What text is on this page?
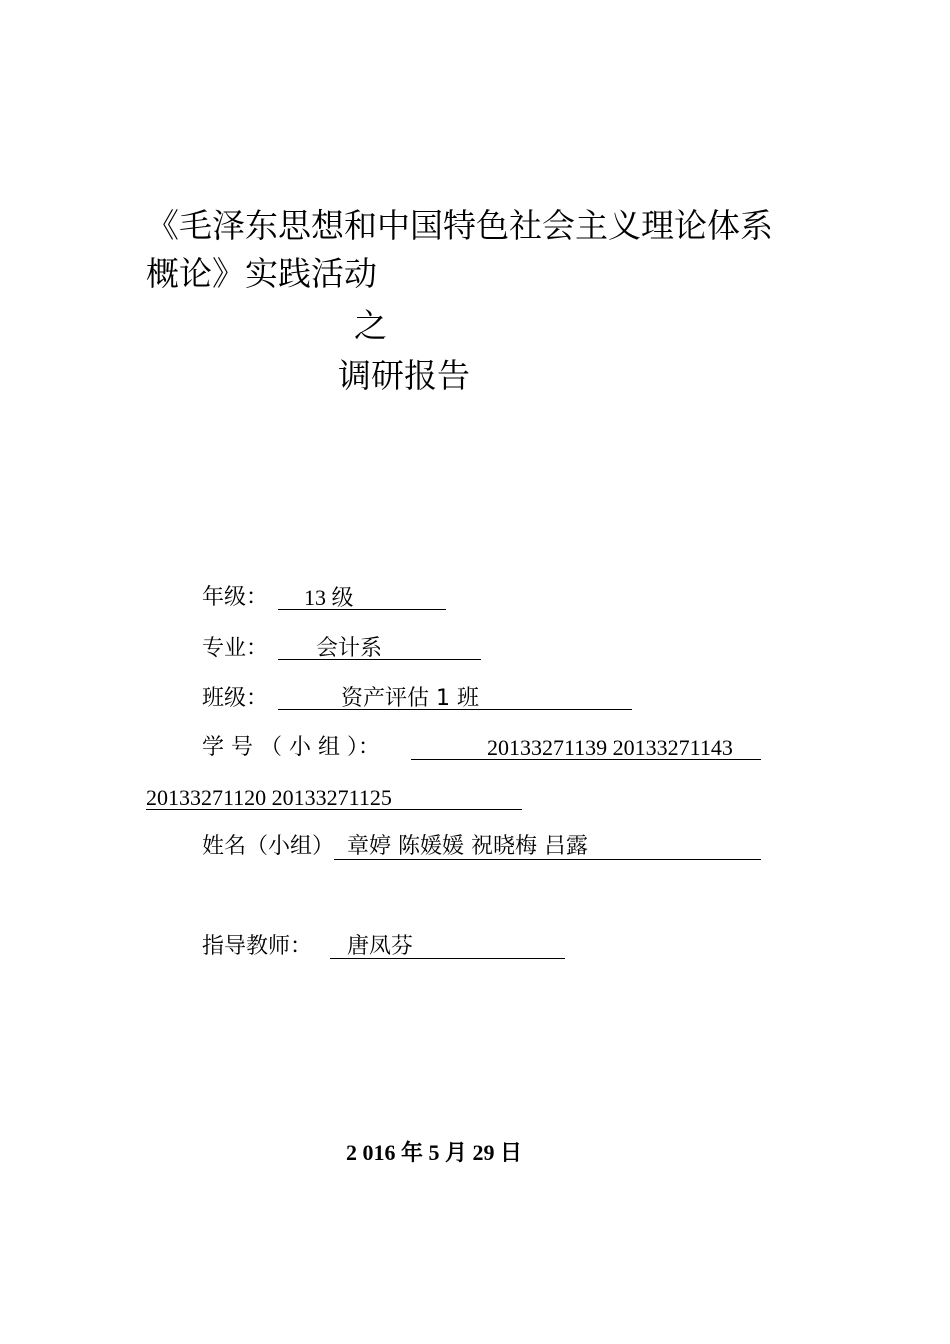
《毛泽东思想和中国特色社会主义理论体系
概论》实践活动
之
调研报告
年级： 13 级
专业： 会计系
班级：	资产评估 1 班
学 号 （ 小 组 ）：	20133271139 20133271143
20133271120 20133271125
姓名（小组） 章婷 陈媛媛 祝晓梅 吕露
指导教师： 唐凤芬
2 016 年 5 月 29 日
